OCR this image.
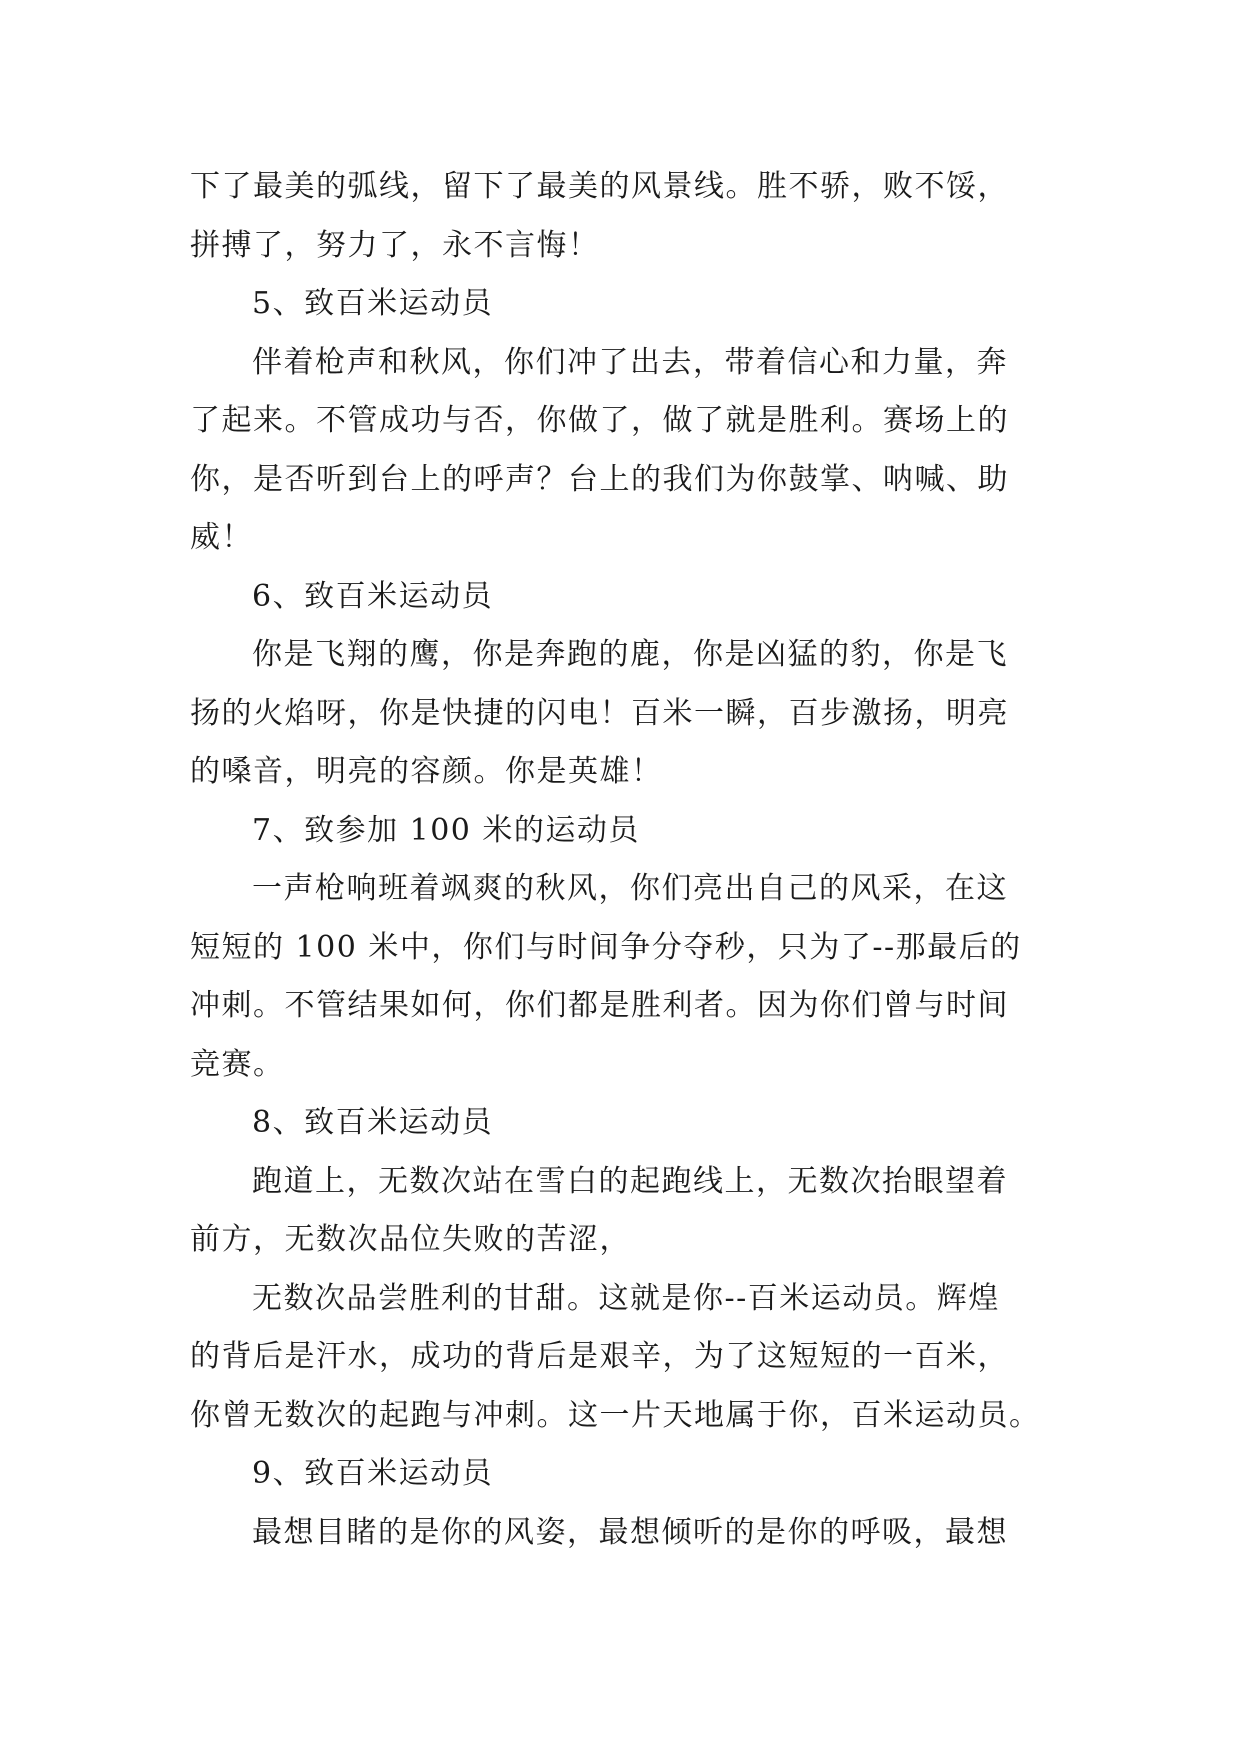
下了最美的弧线，留下了最美的风景线。胜不骄，败不馁，
拼搏了，努力了，永不言悔！
5、致百米运动员
伴着枪声和秋风，你们冲了出去，带着信心和力量，奔
了起来。不管成功与否，你做了，做了就是胜利。赛场上的
你，是否听到台上的呼声？台上的我们为你鼓掌、呐喊、助
威！
6、致百米运动员
你是飞翔的鹰，你是奔跑的鹿，你是凶猛的豹，你是飞
扬的火焰呀，你是快捷的闪电！百米一瞬，百步激扬，明亮
的嗓音，明亮的容颜。你是英雄！
7、致参加 100 米的运动员
一声枪响班着飒爽的秋风，你们亮出自己的风采，在这
短短的 100 米中，你们与时间争分夺秒，只为了--那最后的
冲刺。不管结果如何，你们都是胜利者。因为你们曾与时间
竞赛。
8、致百米运动员
跑道上，无数次站在雪白的起跑线上，无数次抬眼望着
前方，无数次品位失败的苦涩，
无数次品尝胜利的甘甜。这就是你--百米运动员。辉煌
的背后是汗水，成功的背后是艰辛，为了这短短的一百米，
你曾无数次的起跑与冲刺。这一片天地属于你，百米运动员。
9、致百米运动员
最想目睹的是你的风姿，最想倾听的是你的呼吸，最想
